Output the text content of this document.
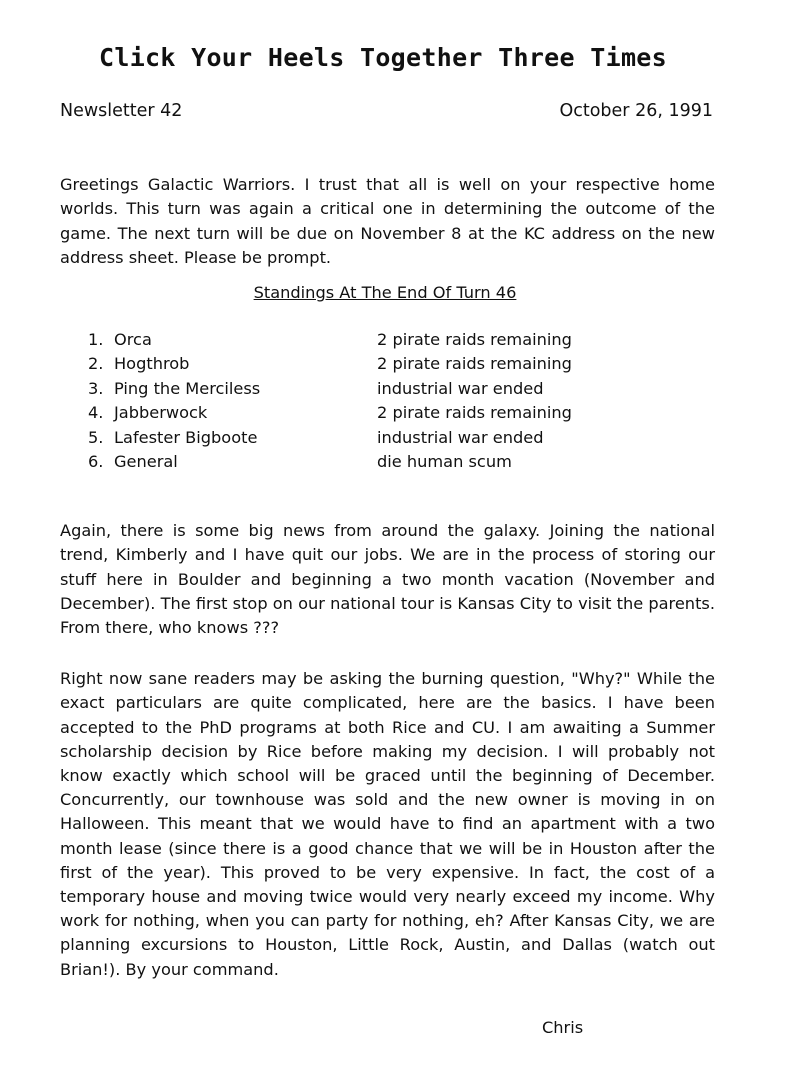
Click Your Heels Together Three Times
Newsletter 42	October 26, 1991

Greetings Galactic Warriors. I trust that all is well on your respective home worlds. This turn was again a critical one in determining the outcome of the game. The next turn will be due on November 8 at the KC address on the new address sheet. Please be prompt.

Standings At The End Of Turn 46
1. Orca	2 pirate raids remaining
2. Hogthrob	2 pirate raids remaining
3. Ping the Merciless	industrial war ended
4. Jabberwock	2 pirate raids remaining
5. Lafester Bigboote	industrial war ended
6. General	die human scum

Again, there is some big news from around the galaxy. Joining the national trend, Kimberly and I have quit our jobs. We are in the process of storing our stuff here in Boulder and beginning a two month vacation (November and December). The first stop on our national tour is Kansas City to visit the parents. From there, who knows ???

Right now sane readers may be asking the burning question, "Why?" While the exact particulars are quite complicated, here are the basics. I have been accepted to the PhD programs at both Rice and CU. I am awaiting a Summer scholarship decision by Rice before making my decision. I will probably not know exactly which school will be graced until the beginning of December. Concurrently, our townhouse was sold and the new owner is moving in on Halloween. This meant that we would have to find an apartment with a two month lease (since there is a good chance that we will be in Houston after the first of the year). This proved to be very expensive. In fact, the cost of a temporary house and moving twice would very nearly exceed my income. Why work for nothing, when you can party for nothing, eh? After Kansas City, we are planning excursions to Houston, Little Rock, Austin, and Dallas (watch out Brian!). By your command.

Chris
